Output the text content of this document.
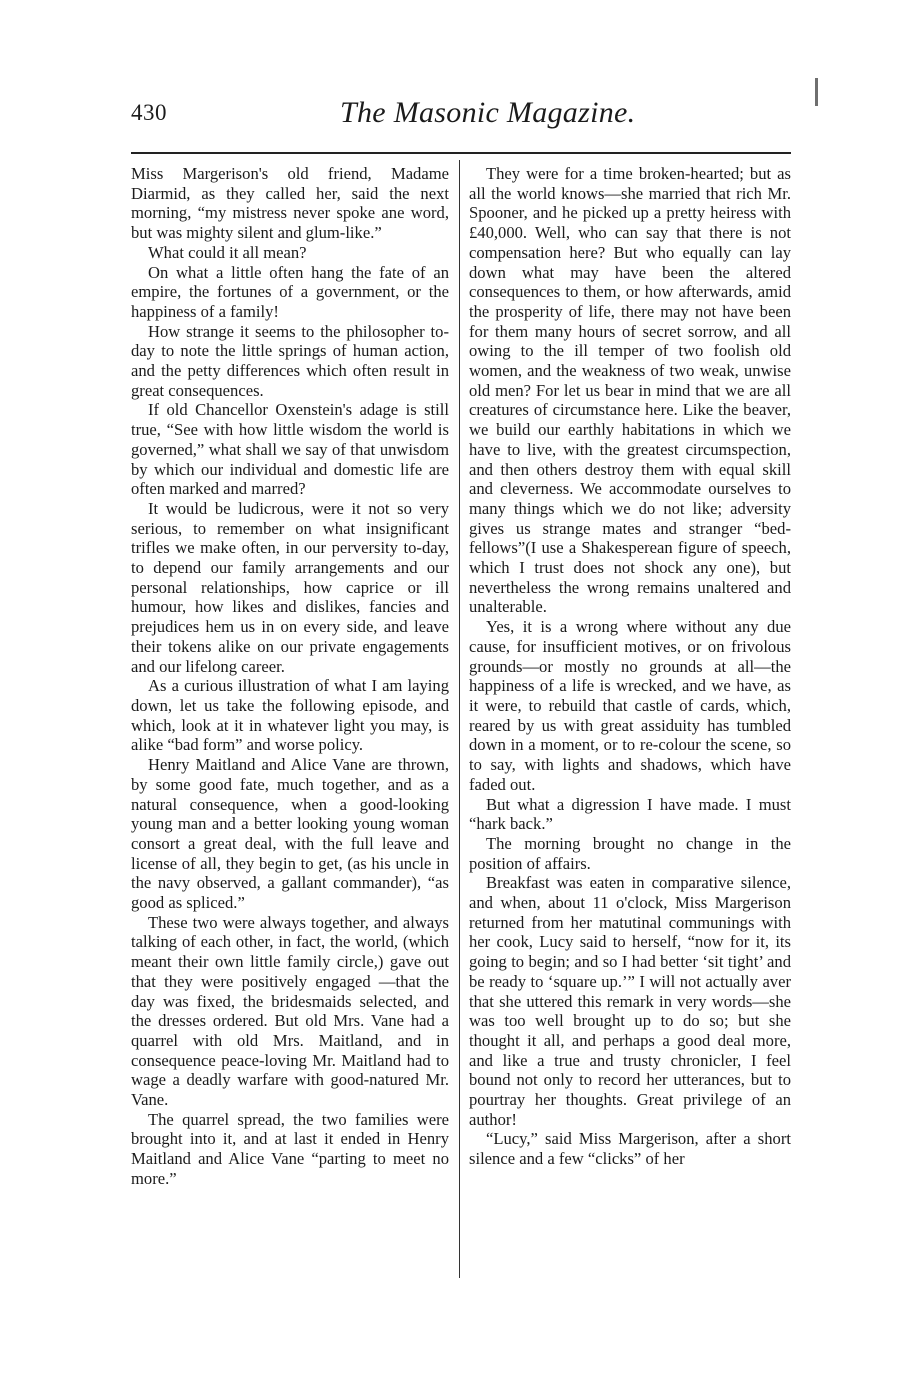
430	The Masonic Magazine.

Miss Margerison's old friend, Madame Diarmid, as they called her, said the next morning, “my mistress never spoke ane word, but was mighty silent and glum-like.”

What could it all mean?

On what a little often hang the fate of an empire, the fortunes of a government, or the happiness of a family!

How strange it seems to the philosopher to-day to note the little springs of human action, and the petty differences which often result in great consequences.

If old Chancellor Oxenstein's adage is still true, “See with how little wisdom the world is governed,” what shall we say of that unwisdom by which our individual and domestic life are often marked and marred?

It would be ludicrous, were it not so very serious, to remember on what insignificant trifles we make often, in our perversity to-day, to depend our family arrangements and our personal relationships, how caprice or ill humour, how likes and dislikes, fancies and prejudices hem us in on every side, and leave their tokens alike on our private engagements and our lifelong career.

As a curious illustration of what I am laying down, let us take the following episode, and which, look at it in whatever light you may, is alike “bad form” and worse policy.

Henry Maitland and Alice Vane are thrown, by some good fate, much together, and as a natural consequence, when a good-looking young man and a better looking young woman consort a great deal, with the full leave and license of all, they begin to get, (as his uncle in the navy observed, a gallant commander), “as good as spliced.”

These two were always together, and always talking of each other, in fact, the world, (which meant their own little family circle,) gave out that they were positively engaged —that the day was fixed, the bridesmaids selected, and the dresses ordered. But old Mrs. Vane had a quarrel with old Mrs. Maitland, and in consequence peace-loving Mr. Maitland had to wage a deadly warfare with good-natured Mr. Vane.

The quarrel spread, the two families were brought into it, and at last it ended in Henry Maitland and Alice Vane “parting to meet no more.”

They were for a time broken-hearted; but as all the world knows—she married that rich Mr. Spooner, and he picked up a pretty heiress with £40,000. Well, who can say that there is not compensation here? But who equally can lay down what may have been the altered consequences to them, or how afterwards, amid the prosperity of life, there may not have been for them many hours of secret sorrow, and all owing to the ill temper of two foolish old women, and the weakness of two weak, unwise old men? For let us bear in mind that we are all creatures of circumstance here. Like the beaver, we build our earthly habitations in which we have to live, with the greatest circumspection, and then others destroy them with equal skill and cleverness. We accommodate ourselves to many things which we do not like; adversity gives us strange mates and stranger “bed-fellows”(I use a Shakesperean figure of speech, which I trust does not shock any one), but nevertheless the wrong remains unaltered and unalterable.

Yes, it is a wrong where without any due cause, for insufficient motives, or on frivolous grounds—or mostly no grounds at all—the happiness of a life is wrecked, and we have, as it were, to rebuild that castle of cards, which, reared by us with great assiduity has tumbled down in a moment, or to re-colour the scene, so to say, with lights and shadows, which have faded out.

But what a digression I have made. I must “hark back.”

The morning brought no change in the position of affairs.

Breakfast was eaten in comparative silence, and when, about 11 o'clock, Miss Margerison returned from her matutinal communings with her cook, Lucy said to herself, “now for it, its going to begin; and so I had better ‘sit tight’ and be ready to ‘square up.’” I will not actually aver that she uttered this remark in very words—she was too well brought up to do so; but she thought it all, and perhaps a good deal more, and like a true and trusty chronicler, I feel bound not only to record her utterances, but to pourtray her thoughts. Great privilege of an author!

“Lucy,” said Miss Margerison, after a short silence and a few “clicks” of her
